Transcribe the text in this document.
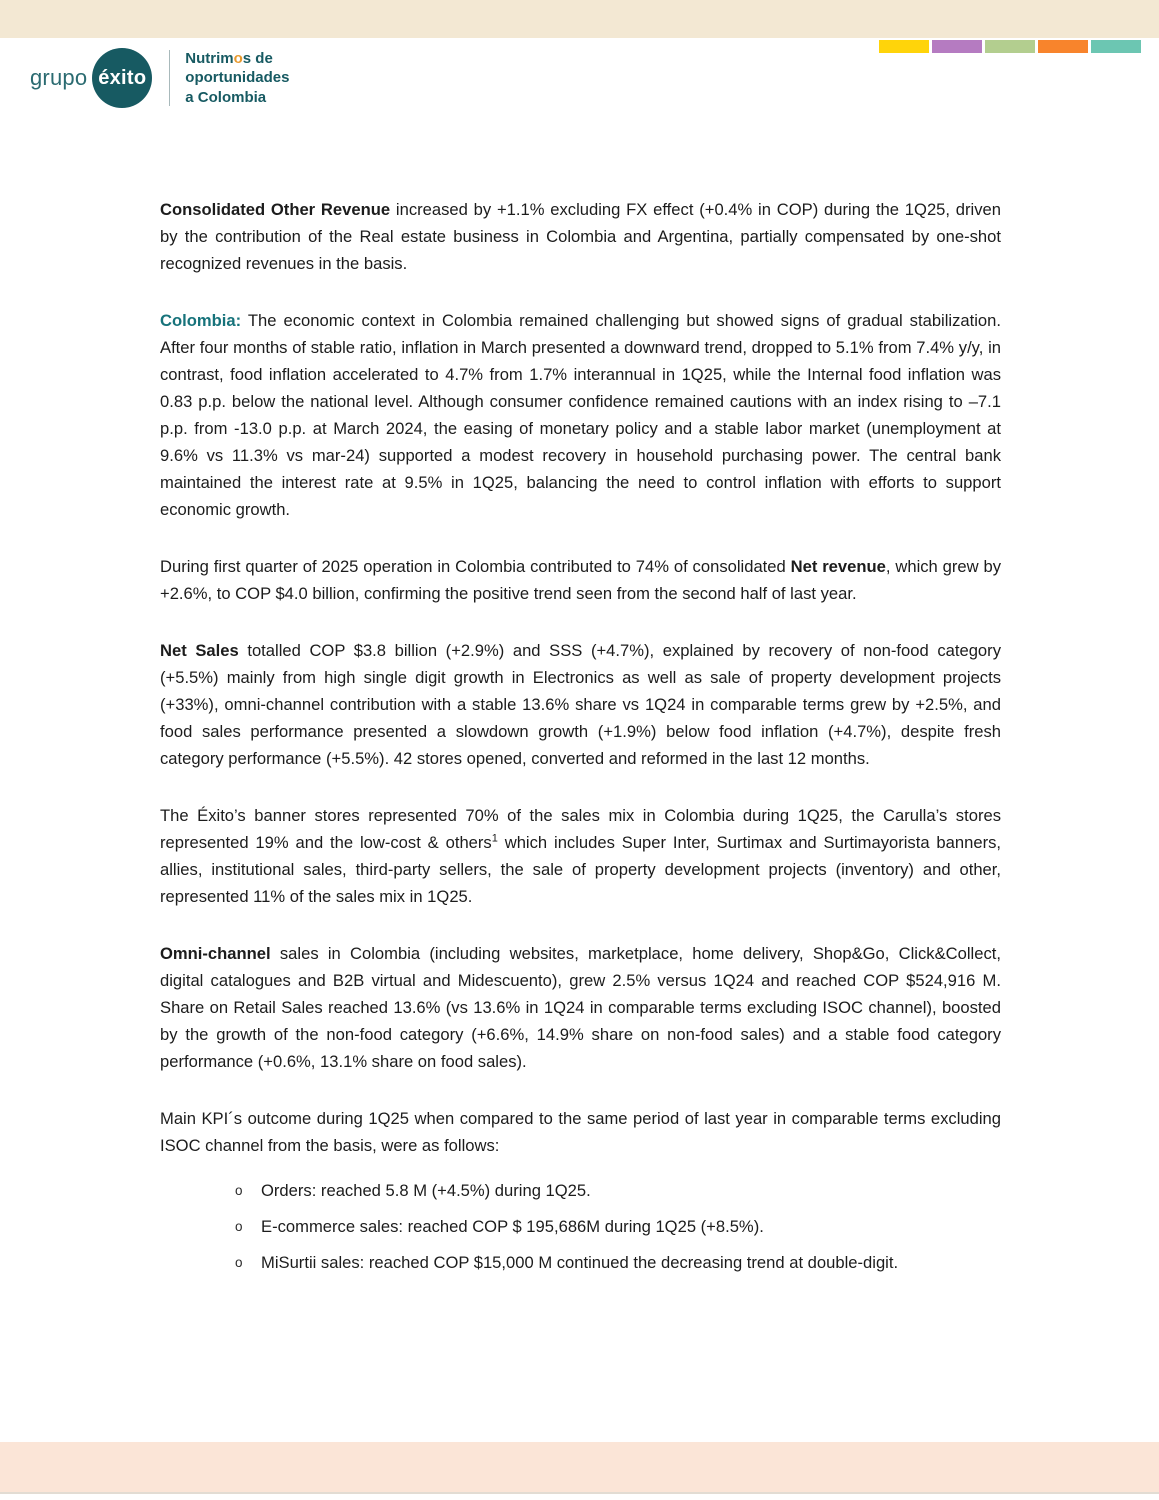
grupo éxito
Nutrimos de
oportunidades
a Colombia

Consolidated Other Revenue increased by +1.1% excluding FX effect (+0.4% in COP) during the 1Q25, driven by the contribution of the Real estate business in Colombia and Argentina, partially compensated by one-shot recognized revenues in the basis.

Colombia: The economic context in Colombia remained challenging but showed signs of gradual stabilization. After four months of stable ratio, inflation in March presented a downward trend, dropped to 5.1% from 7.4% y/y, in contrast, food inflation accelerated to 4.7% from 1.7% interannual in 1Q25, while the Internal food inflation was 0.83 p.p. below the national level. Although consumer confidence remained cautions with an index rising to –7.1 p.p. from -13.0 p.p. at March 2024, the easing of monetary policy and a stable labor market (unemployment at 9.6% vs 11.3% vs mar-24) supported a modest recovery in household purchasing power. The central bank maintained the interest rate at 9.5% in 1Q25, balancing the need to control inflation with efforts to support economic growth.

During first quarter of 2025 operation in Colombia contributed to 74% of consolidated Net revenue, which grew by +2.6%, to COP $4.0 billion, confirming the positive trend seen from the second half of last year.

Net Sales totalled COP $3.8 billion (+2.9%) and SSS (+4.7%), explained by recovery of non-food category (+5.5%) mainly from high single digit growth in Electronics as well as sale of property development projects (+33%), omni-channel contribution with a stable 13.6% share vs 1Q24 in comparable terms grew by +2.5%, and food sales performance presented a slowdown growth (+1.9%) below food inflation (+4.7%), despite fresh category performance (+5.5%). 42 stores opened, converted and reformed in the last 12 months.

The Éxito’s banner stores represented 70% of the sales mix in Colombia during 1Q25, the Carulla’s stores represented 19% and the low-cost & others$^1$ which includes Super Inter, Surtimax and Surtimayorista banners, allies, institutional sales, third-party sellers, the sale of property development projects (inventory) and other, represented 11% of the sales mix in 1Q25.

Omni-channel sales in Colombia (including websites, marketplace, home delivery, Shop&Go, Click&Collect, digital catalogues and B2B virtual and Midescuento), grew 2.5% versus 1Q24 and reached COP $524,916 M. Share on Retail Sales reached 13.6% (vs 13.6% in 1Q24 in comparable terms excluding ISOC channel), boosted by the growth of the non-food category (+6.6%, 14.9% share on non-food sales) and a stable food category performance (+0.6%, 13.1% share on food sales).

Main KPI´s outcome during 1Q25 when compared to the same period of last year in comparable terms excluding ISOC channel from the basis, were as follows:

o Orders: reached 5.8 M (+4.5%) during 1Q25.
o E-commerce sales: reached COP $ 195,686M during 1Q25 (+8.5%).
o MiSurtii sales: reached COP $15,000 M continued the decreasing trend at double-digit.
